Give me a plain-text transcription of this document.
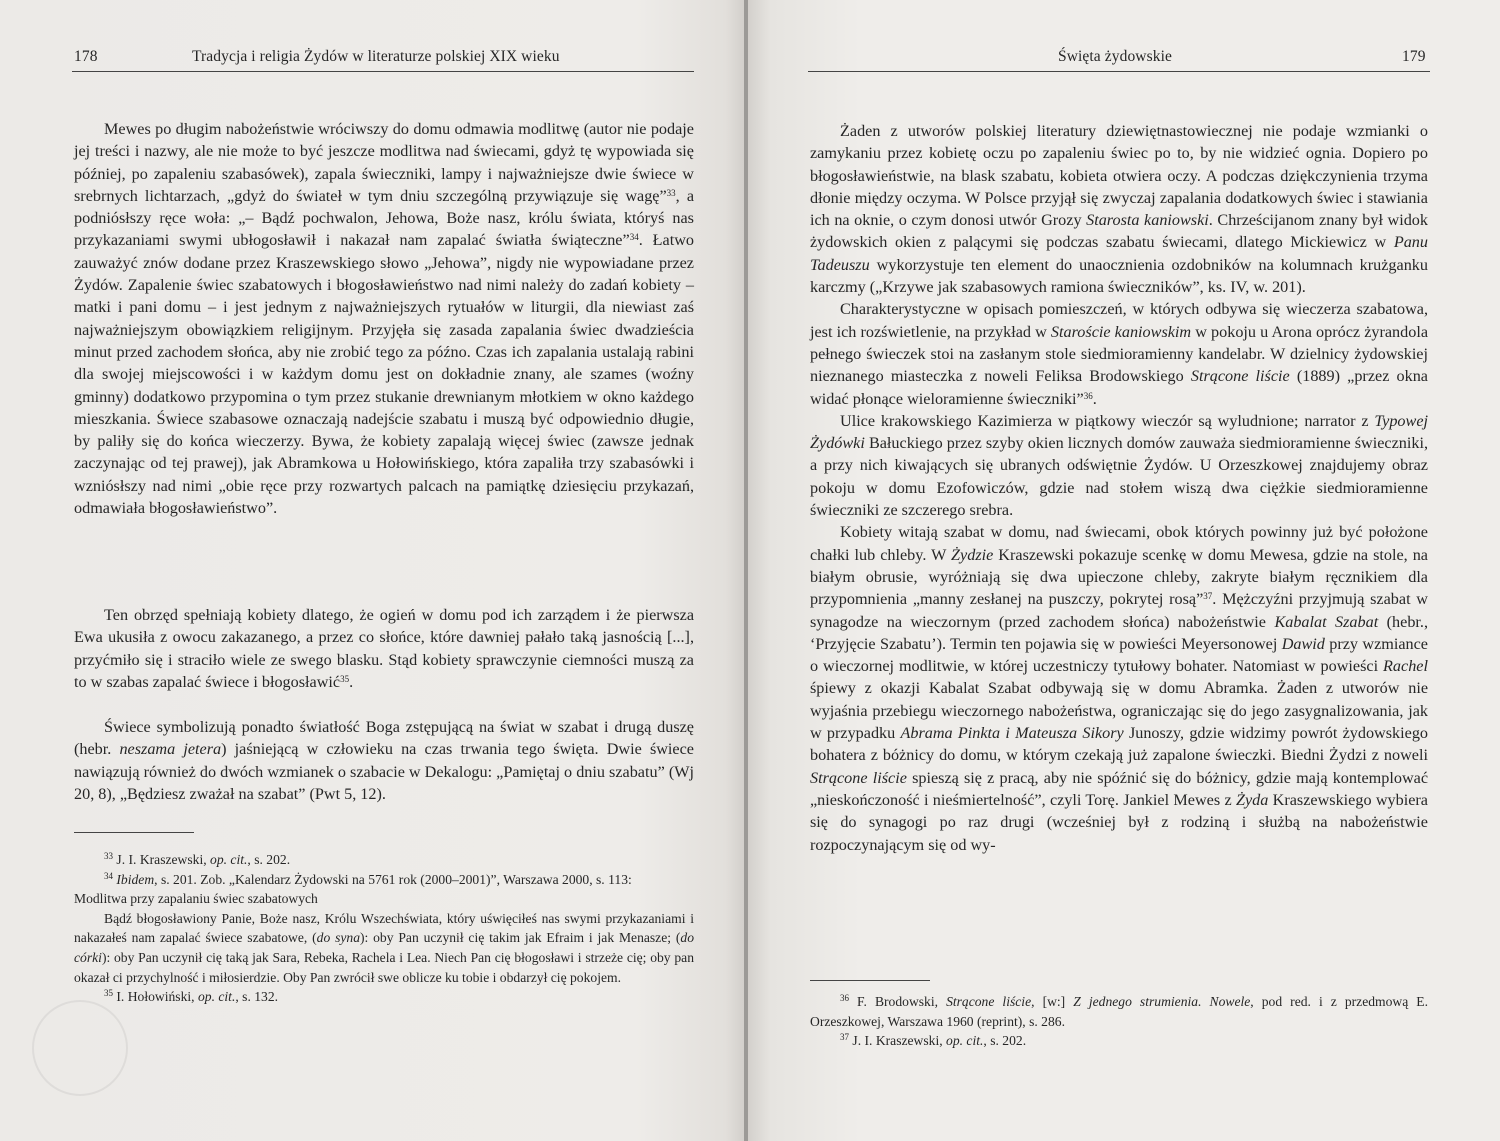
178	Tradycja i religia Żydów w literaturze polskiej XIX wieku

Mewes po długim nabożeństwie wróciwszy do domu odmawia modlitwę (autor nie podaje jej treści i nazwy, ale nie może to być jeszcze modlitwa nad świecami, gdyż tę wypowiada się później, po zapaleniu szabasówek), zapala świeczniki, lampy i najważniejsze dwie świece w srebrnych lichtarzach, „gdyż do świateł w tym dniu szczególną przywiązuje się wagę”$^{33}$, a podniósłszy ręce woła: „– Bądź pochwalon, Jehowa, Boże nasz, królu świata, któryś nas przykazaniami swymi ubłogosławił i nakazał nam zapalać światła świąteczne”$^{34}$. Łatwo zauważyć znów dodane przez Kraszewskiego słowo „Jehowa”, nigdy nie wypowiadane przez Żydów. Zapalenie świec szabatowych i błogosławieństwo nad nimi należy do zadań kobiety – matki i pani domu – i jest jednym z najważniejszych rytuałów w liturgii, dla niewiast zaś najważniejszym obowiązkiem religijnym. Przyjęła się zasada zapalania świec dwadzieścia minut przed zachodem słońca, aby nie zrobić tego za późno. Czas ich zapalania ustalają rabini dla swojej miejscowości i w każdym domu jest on dokładnie znany, ale szames (woźny gminny) dodatkowo przypomina o tym przez stukanie drewnianym młotkiem w okno każdego mieszkania. Świece szabasowe oznaczają nadejście szabatu i muszą być odpowiednio długie, by paliły się do końca wieczerzy. Bywa, że kobiety zapalają więcej świec (zawsze jednak zaczynając od tej prawej), jak Abramkowa u Hołowińskiego, która zapaliła trzy szabasówki i wzniósłszy nad nimi „obie ręce przy rozwartych palcach na pamiątkę dziesięciu przykazań, odmawiała błogosławieństwo”.

Ten obrzęd spełniają kobiety dlatego, że ogień w domu pod ich zarządem i że pierwsza Ewa ukusiła z owocu zakazanego, a przez co słońce, które dawniej pałało taką jasnością [...], przyćmiło się i straciło wiele ze swego blasku. Stąd kobiety sprawczynie ciemności muszą za to w szabas zapalać świece i błogosławić$^{35}$.

Świece symbolizują ponadto światłość Boga zstępującą na świat w szabat i drugą duszę (hebr. neszama jetera) jaśniejącą w człowieku na czas trwania tego święta. Dwie świece nawiązują również do dwóch wzmianek o szabacie w Dekalogu: „Pamiętaj o dniu szabatu” (Wj 20, 8), „Będziesz zważał na szabat” (Pwt 5, 12).

$^{33}$ J. I. Kraszewski, op. cit., s. 202.

$^{34}$ Ibidem, s. 201. Zob. „Kalendarz Żydowski na 5761 rok (2000–2001)”, Warszawa 2000, s. 113:

Modlitwa przy zapalaniu świec szabatowych

Bądź błogosławiony Panie, Boże nasz, Królu Wszechświata, który uświęciłeś nas swymi przykazaniami i nakazałeś nam zapalać świece szabatowe, (do syna): oby Pan uczynił cię takim jak Efraim i jak Menasze; (do córki): oby Pan uczynił cię taką jak Sara, Rebeka, Rachela i Lea. Niech Pan cię błogosławi i strzeże cię; oby pan okazał ci przychylność i miłosierdzie. Oby Pan zwrócił swe oblicze ku tobie i obdarzył cię pokojem.

$^{35}$ I. Hołowiński, op. cit., s. 132.

Święta żydowskie	179

Żaden z utworów polskiej literatury dziewiętnastowiecznej nie podaje wzmianki o zamykaniu przez kobietę oczu po zapaleniu świec po to, by nie widzieć ognia. Dopiero po błogosławieństwie, na blask szabatu, kobieta otwiera oczy. A podczas dziękczynienia trzyma dłonie między oczyma. W Polsce przyjął się zwyczaj zapalania dodatkowych świec i stawiania ich na oknie, o czym donosi utwór Grozy Starosta kaniowski. Chrześcijanom znany był widok żydowskich okien z palącymi się podczas szabatu świecami, dlatego Mickiewicz w Panu Tadeuszu wykorzystuje ten element do unaocznienia ozdobników na kolumnach krużganku karczmy („Krzywe jak szabasowych ramiona świeczników”, ks. IV, w. 201).

Charakterystyczne w opisach pomieszczeń, w których odbywa się wieczerza szabatowa, jest ich rozświetlenie, na przykład w Staroście kaniowskim w pokoju u Arona oprócz żyrandola pełnego świeczek stoi na zasłanym stole siedmioramienny kandelabr. W dzielnicy żydowskiej nieznanego miasteczka z noweli Feliksa Brodowskiego Strącone liście (1889) „przez okna widać płonące wieloramienne świeczniki”$^{36}$.

Ulice krakowskiego Kazimierza w piątkowy wieczór są wyludnione; narrator z Typowej Żydówki Bałuckiego przez szyby okien licznych domów zauważa siedmioramienne świeczniki, a przy nich kiwających się ubranych odświętnie Żydów. U Orzeszkowej znajdujemy obraz pokoju w domu Ezofowiczów, gdzie nad stołem wiszą dwa ciężkie siedmioramienne świeczniki ze szczerego srebra.

Kobiety witają szabat w domu, nad świecami, obok których powinny już być położone chałki lub chleby. W Żydzie Kraszewski pokazuje scenkę w domu Mewesa, gdzie na stole, na białym obrusie, wyróżniają się dwa upieczone chleby, zakryte białym ręcznikiem dla przypomnienia „manny zesłanej na puszczy, pokrytej rosą”$^{37}$. Mężczyźni przyjmują szabat w synagodze na wieczornym (przed zachodem słońca) nabożeństwie Kabalat Szabat (hebr., ‘Przyjęcie Szabatu’). Termin ten pojawia się w powieści Meyersonowej Dawid przy wzmiance o wieczornej modlitwie, w której uczestniczy tytułowy bohater. Natomiast w powieści Rachel śpiewy z okazji Kabalat Szabat odbywają się w domu Abramka. Żaden z utworów nie wyjaśnia przebiegu wieczornego nabożeństwa, ograniczając się do jego zasygnalizowania, jak w przypadku Abrama Pinkta i Mateusza Sikory Junoszy, gdzie widzimy powrót żydowskiego bohatera z bóżnicy do domu, w którym czekają już zapalone świeczki. Biedni Żydzi z noweli Strącone liście spieszą się z pracą, aby nie spóźnić się do bóżnicy, gdzie mają kontemplować „nieskończoność i nieśmiertelność”, czyli Torę. Jankiel Mewes z Żyda Kraszewskiego wybiera się do synagogi po raz drugi (wcześniej był z rodziną i służbą na nabożeństwie rozpoczynającym się od wy-

$^{36}$ F. Brodowski, Strącone liście, [w:] Z jednego strumienia. Nowele, pod red. i z przedmową E. Orzeszkowej, Warszawa 1960 (reprint), s. 286.

$^{37}$ J. I. Kraszewski, op. cit., s. 202.
